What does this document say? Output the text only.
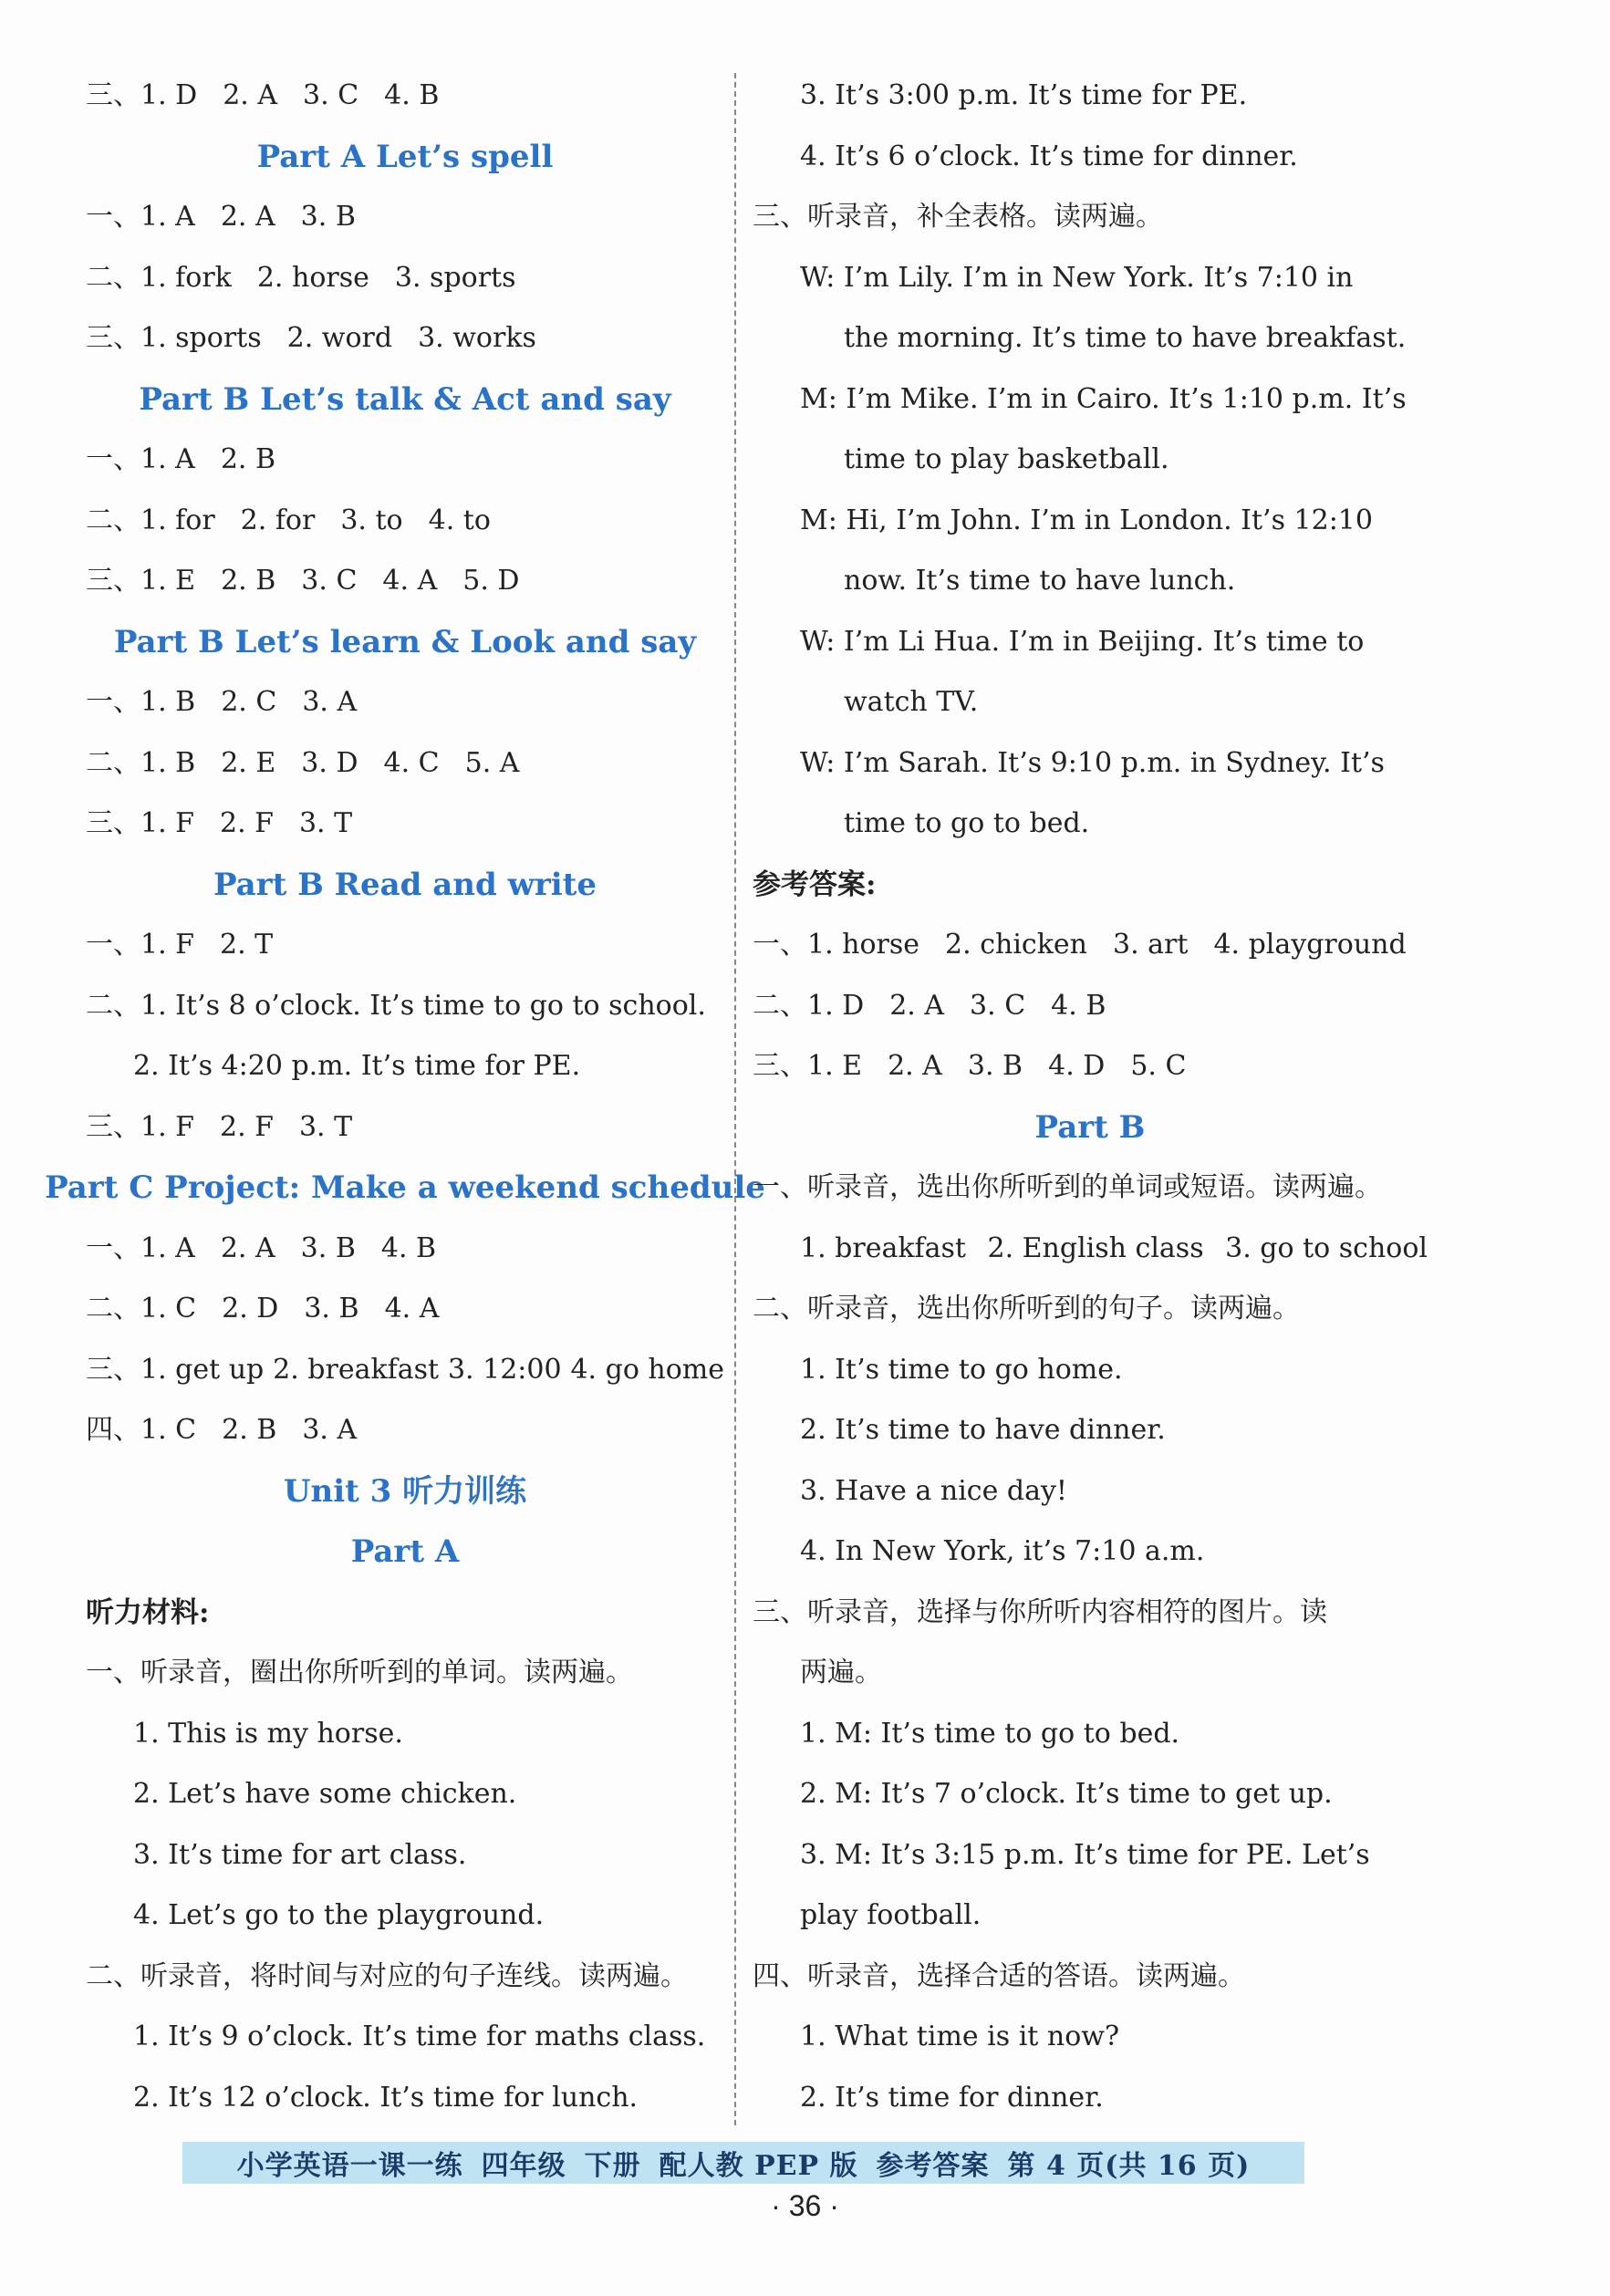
三、 1. D 2. A 3. C 4. B
Part A Let’s spell
一、 1. A 2. A 3. B
二、 1. fork 2. horse 3. sports
三、 1. sports 2. word 3. works
Part B Let’s talk & Act and say
一、 1. A 2. B
二、 1. for 2. for 3. to 4. to
三、 1. E 2. B 3. C 4. A 5. D
Part B Let’s learn & Look and say
一、 1. B 2. C 3. A
二、 1. B 2. E 3. D 4. C 5. A
三、 1. F 2. F 3. T
Part B Read and write
一、 1. F 2. T
二、 1. It’s 8 o’clock. It’s time to go to school.
2. It’s 4:20 p.m. It’s time for PE.
三、 1. F 2. F 3. T
Part C Project: Make a weekend schedule
一、 1. A 2. A 3. B 4. B
二、 1. C 2. D 3. B 4. A
三、 1. get up 2. breakfast 3. 12:00 4. go home
四、 1. C 2. B 3. A
Unit 3 听力训练
Part A
听力材料:
一、 听录音，圈出你所听到的单词。读两遍。
1. This is my horse.
2. Let’s have some chicken.
3. It’s time for art class.
4. Let’s go to the playground.
二、 听录音，将时间与对应的句子连线。读两遍。
1. It’s 9 o’clock. It’s time for maths class.
2. It’s 12 o’clock. It’s time for lunch.
3. It’s 3:00 p.m. It’s time for PE.
4. It’s 6 o’clock. It’s time for dinner.
三、 听录音，补全表格。读两遍。
W: I’m Lily. I’m in New York. It’s 7:10 in
the morning. It’s time to have breakfast.
M: I’m Mike. I’m in Cairo. It’s 1:10 p.m. It’s
time to play basketball.
M: Hi, I’m John. I’m in London. It’s 12:10
now. It’s time to have lunch.
W: I’m Li Hua. I’m in Beijing. It’s time to
watch TV.
W: I’m Sarah. It’s 9:10 p.m. in Sydney. It’s
time to go to bed.
参考答案:
一、 1. horse 2. chicken 3. art 4. playground
二、 1. D 2. A 3. C 4. B
三、 1. E 2. A 3. B 4. D 5. C
Part B
一、 听录音，选出你所听到的单词或短语。读两遍。
1. breakfast 2. English class 3. go to school
二、 听录音，选出你所听到的句子。读两遍。
1. It’s time to go home.
2. It’s time to have dinner.
3. Have a nice day!
4. In New York, it’s 7:10 a.m.
三、 听录音，选择与你所听内容相符的图片。读
两遍。
1. M: It’s time to go to bed.
2. M: It’s 7 o’clock. It’s time to get up.
3. M: It’s 3:15 p.m. It’s time for PE. Let’s
play football.
四、 听录音，选择合适的答语。读两遍。
1. What time is it now?
2. It’s time for dinner.
小学英语一课一练 四年级 下册 配人教 PEP 版 参考答案 第 4 页(共 16 页)
· 36 ·
